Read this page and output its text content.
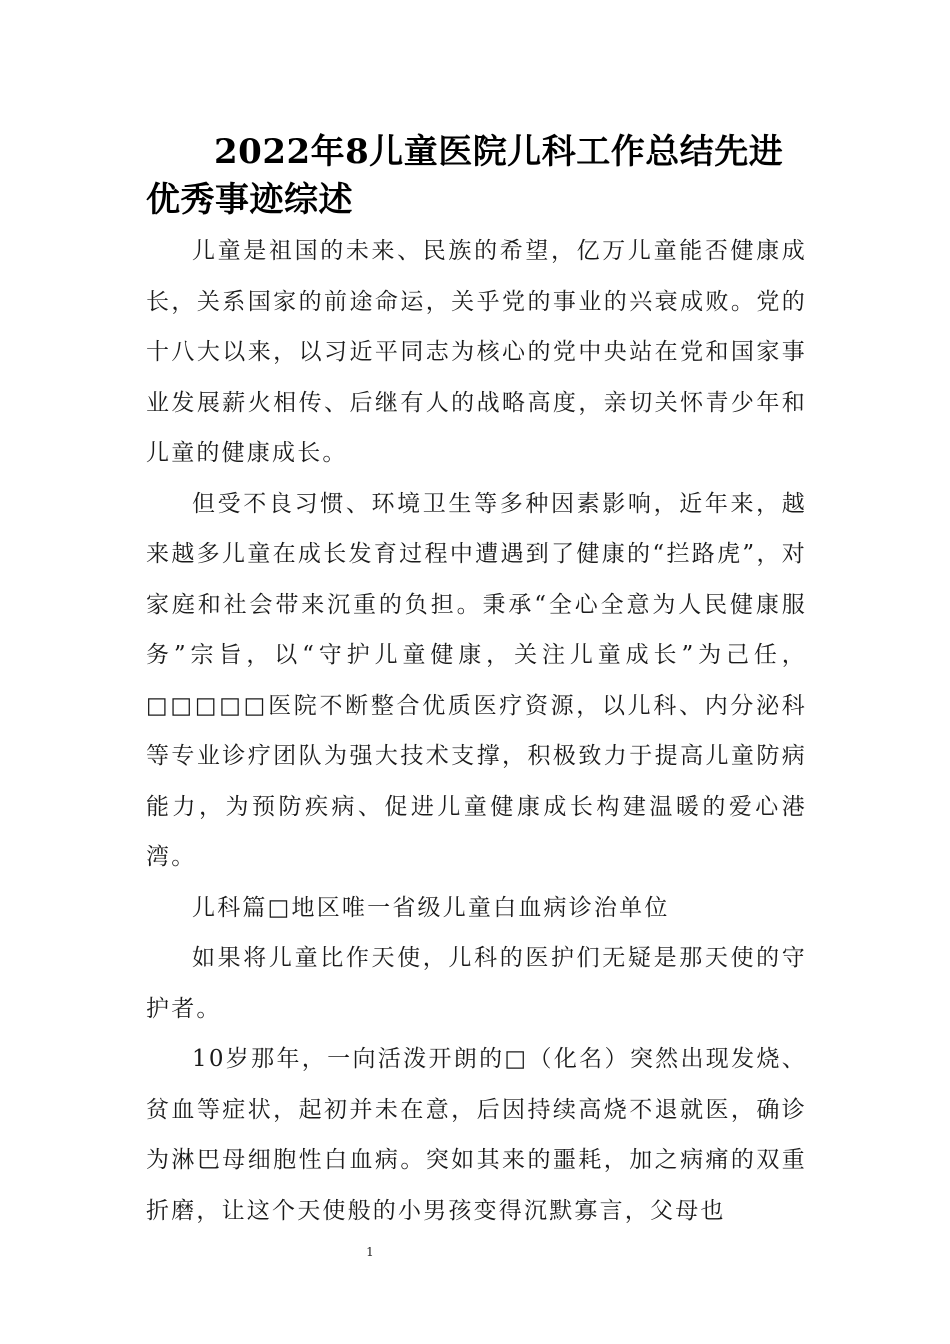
2022年8儿童医院儿科工作总结先进优秀事迹综述

儿童是祖国的未来、民族的希望，亿万儿童能否健康成长，关系国家的前途命运，关乎党的事业的兴衰成败。党的十八大以来，以习近平同志为核心的党中央站在党和国家事业发展薪火相传、后继有人的战略高度，亲切关怀青少年和儿童的健康成长。

但受不良习惯、环境卫生等多种因素影响，近年来，越来越多儿童在成长发育过程中遭遇到了健康的“拦路虎”，对家庭和社会带来沉重的负担。秉承“全心全意为人民健康服务”宗旨，以“守护儿童健康，关注儿童成长”为己任，□□□□□医院不断整合优质医疗资源，以儿科、内分泌科等专业诊疗团队为强大技术支撑，积极致力于提高儿童防病能力，为预防疾病、促进儿童健康成长构建温暖的爱心港湾。

儿科篇□地区唯一省级儿童白血病诊治单位

如果将儿童比作天使，儿科的医护们无疑是那天使的守护者。

10岁那年，一向活泼开朗的□（化名）突然出现发烧、贫血等症状，起初并未在意，后因持续高烧不退就医，确诊为淋巴母细胞性白血病。突如其来的噩耗，加之病痛的双重折磨，让这个天使般的小男孩变得沉默寡言，父母也

1
